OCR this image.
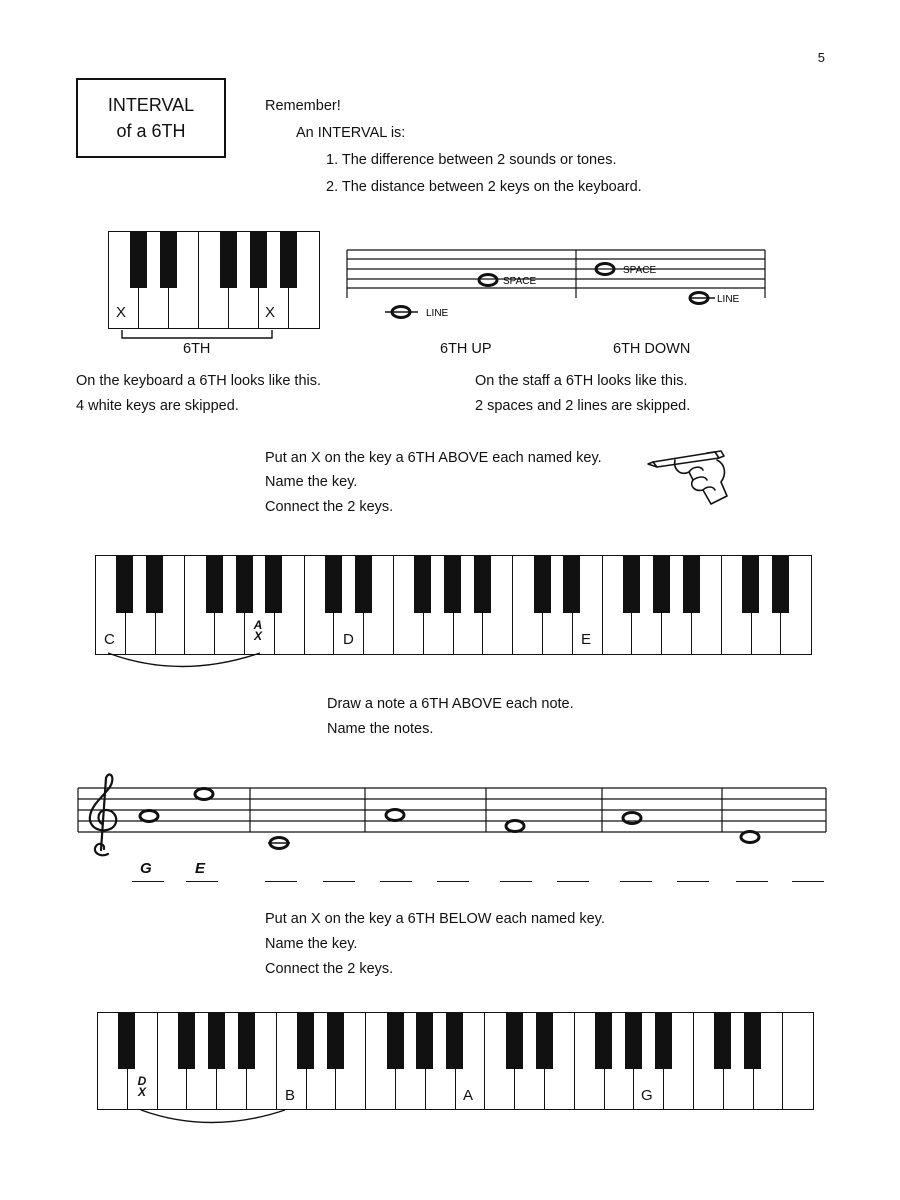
5
INTERVAL
of a 6TH
Remember!
An INTERVAL is:
1. The difference between 2 sounds or tones.
2. The distance between 2 keys on the keyboard.
X	X
6TH
LINE
SPACE
SPACE
LINE
6TH UP	6TH DOWN
On the keyboard a 6TH looks like this.
4 white keys are skipped.
On the staff a 6TH looks like this.
2 spaces and 2 lines are skipped.
Put an X on the key a 6TH ABOVE each named key.
Name the key.
Connect the 2 keys.
C	D	E
A
X
Draw a note a 6TH ABOVE each note.
Name the notes.
G	E
Put an X on the key a 6TH BELOW each named key.
Name the key.
Connect the 2 keys.
B	A	G
D
X
